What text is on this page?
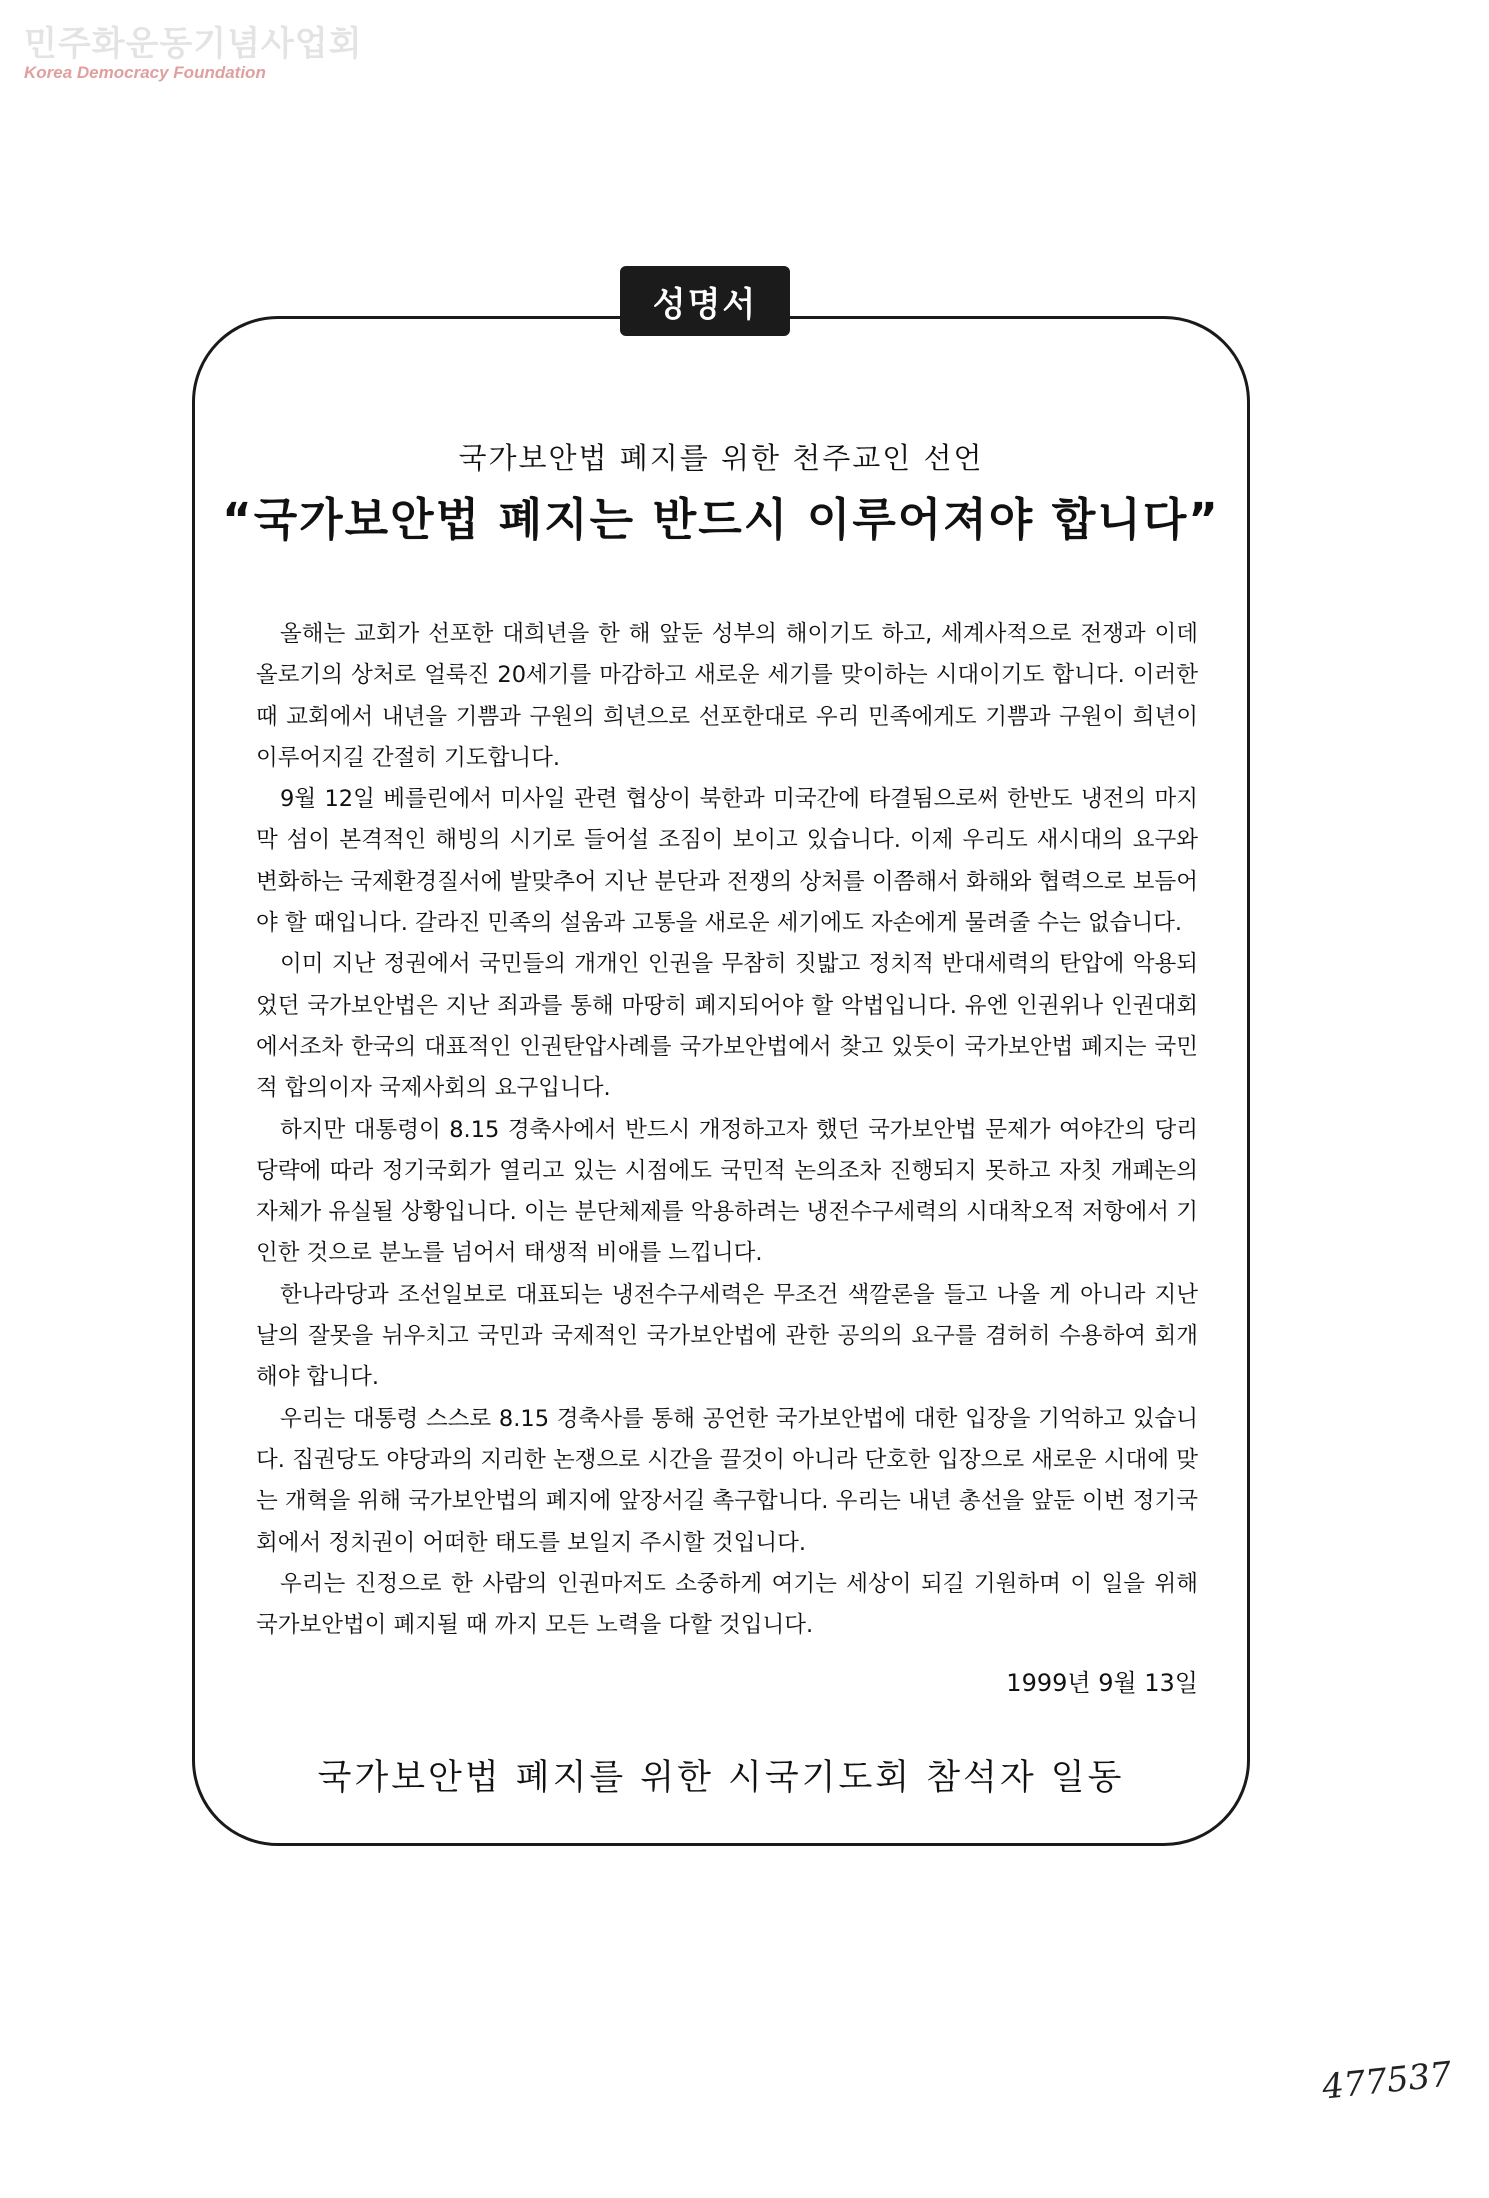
민주화운동기념사업회
Korea Democracy Foundation
성명서
국가보안법 폐지를 위한 천주교인 선언
“국가보안법 폐지는 반드시 이루어져야 합니다”

올해는 교회가 선포한 대희년을 한 해 앞둔 성부의 해이기도 하고, 세계사적으로 전쟁과 이데올로기의 상처로 얼룩진 20세기를 마감하고 새로운 세기를 맞이하는 시대이기도 합니다. 이러한 때 교회에서 내년을 기쁨과 구원의 희년으로 선포한대로 우리 민족에게도 기쁨과 구원이 희년이 이루어지길 간절히 기도합니다.

9월 12일 베를린에서 미사일 관련 협상이 북한과 미국간에 타결됨으로써 한반도 냉전의 마지막 섬이 본격적인 해빙의 시기로 들어설 조짐이 보이고 있습니다. 이제 우리도 새시대의 요구와 변화하는 국제환경질서에 발맞추어 지난 분단과 전쟁의 상처를 이쯤해서 화해와 협력으로 보듬어야 할 때입니다. 갈라진 민족의 설움과 고통을 새로운 세기에도 자손에게 물려줄 수는 없습니다.

이미 지난 정권에서 국민들의 개개인 인권을 무참히 짓밟고 정치적 반대세력의 탄압에 악용되었던 국가보안법은 지난 죄과를 통해 마땅히 폐지되어야 할 악법입니다. 유엔 인권위나 인권대회에서조차 한국의 대표적인 인권탄압사례를 국가보안법에서 찾고 있듯이 국가보안법 폐지는 국민적 합의이자 국제사회의 요구입니다.

하지만 대통령이 8.15 경축사에서 반드시 개정하고자 했던 국가보안법 문제가 여야간의 당리당략에 따라 정기국회가 열리고 있는 시점에도 국민적 논의조차 진행되지 못하고 자칫 개폐논의 자체가 유실될 상황입니다. 이는 분단체제를 악용하려는 냉전수구세력의 시대착오적 저항에서 기인한 것으로 분노를 넘어서 태생적 비애를 느낍니다.

한나라당과 조선일보로 대표되는 냉전수구세력은 무조건 색깔론을 들고 나올 게 아니라 지난날의 잘못을 뉘우치고 국민과 국제적인 국가보안법에 관한 공의의 요구를 겸허히 수용하여 회개해야 합니다.

우리는 대통령 스스로 8.15 경축사를 통해 공언한 국가보안법에 대한 입장을 기억하고 있습니다. 집권당도 야당과의 지리한 논쟁으로 시간을 끌것이 아니라 단호한 입장으로 새로운 시대에 맞는 개혁을 위해 국가보안법의 폐지에 앞장서길 촉구합니다. 우리는 내년 총선을 앞둔 이번 정기국회에서 정치권이 어떠한 태도를 보일지 주시할 것입니다.

우리는 진정으로 한 사람의 인권마저도 소중하게 여기는 세상이 되길 기원하며 이 일을 위해 국가보안법이 폐지될 때 까지 모든 노력을 다할 것입니다.

1999년 9월 13일
국가보안법 폐지를 위한 시국기도회 참석자 일동
477537
